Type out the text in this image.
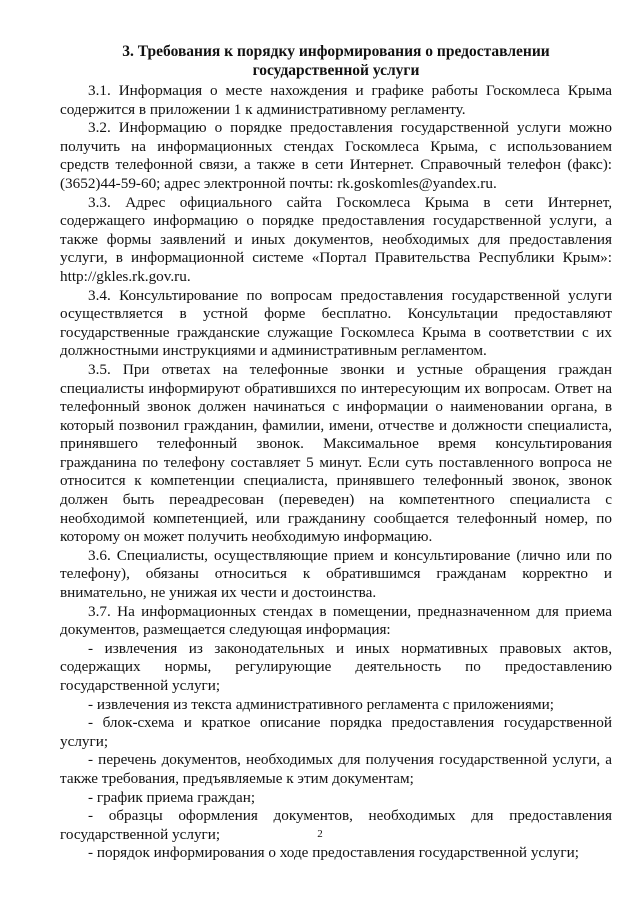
3. Требования к порядку информирования о предоставлении
государственной услуги

3.1. Информация о месте нахождения и графике работы Госкомлеса Крыма содержится в приложении 1 к административному регламенту.

3.2. Информацию о порядке предоставления государственной услуги можно получить на информационных стендах Госкомлеса Крыма, с использованием средств телефонной связи, а также в сети Интернет. Справочный телефон (факс): (3652)44-59-60; адрес электронной почты: rk.goskomles@yandex.ru.

3.3. Адрес официального сайта Госкомлеса Крыма в сети Интернет, содержащего информацию о порядке предоставления государственной услуги, а также формы заявлений и иных документов, необходимых для предоставления услуги, в информационной системе «Портал Правительства Республики Крым»: http://gkles.rk.gov.ru.

3.4. Консультирование по вопросам предоставления государственной услуги осуществляется в устной форме бесплатно. Консультации предоставляют государственные гражданские служащие Госкомлеса Крыма в соответствии с их должностными инструкциями и административным регламентом.

3.5. При ответах на телефонные звонки и устные обращения граждан специалисты информируют обратившихся по интересующим их вопросам. Ответ на телефонный звонок должен начинаться с информации о наименовании органа, в который позвонил гражданин, фамилии, имени, отчестве и должности специалиста, принявшего телефонный звонок. Максимальное время консультирования гражданина по телефону составляет 5 минут. Если суть поставленного вопроса не относится к компетенции специалиста, принявшего телефонный звонок, звонок должен быть переадресован (переведен) на компетентного специалиста с необходимой компетенцией, или гражданину сообщается телефонный номер, по которому он может получить необходимую информацию.

3.6. Специалисты, осуществляющие прием и консультирование (лично или по телефону), обязаны относиться к обратившимся гражданам корректно и внимательно, не унижая их чести и достоинства.

3.7. На информационных стендах в помещении, предназначенном для приема документов, размещается следующая информация:

- извлечения из законодательных и иных нормативных правовых актов, содержащих нормы, регулирующие деятельность по предоставлению государственной услуги;

- извлечения из текста административного регламента с приложениями;

- блок-схема и краткое описание порядка предоставления государственной услуги;

- перечень документов, необходимых для получения государственной услуги, а также требования, предъявляемые к этим документам;

- график приема граждан;

- образцы оформления документов, необходимых для предоставления государственной услуги;

- порядок информирования о ходе предоставления государственной услуги;

2
